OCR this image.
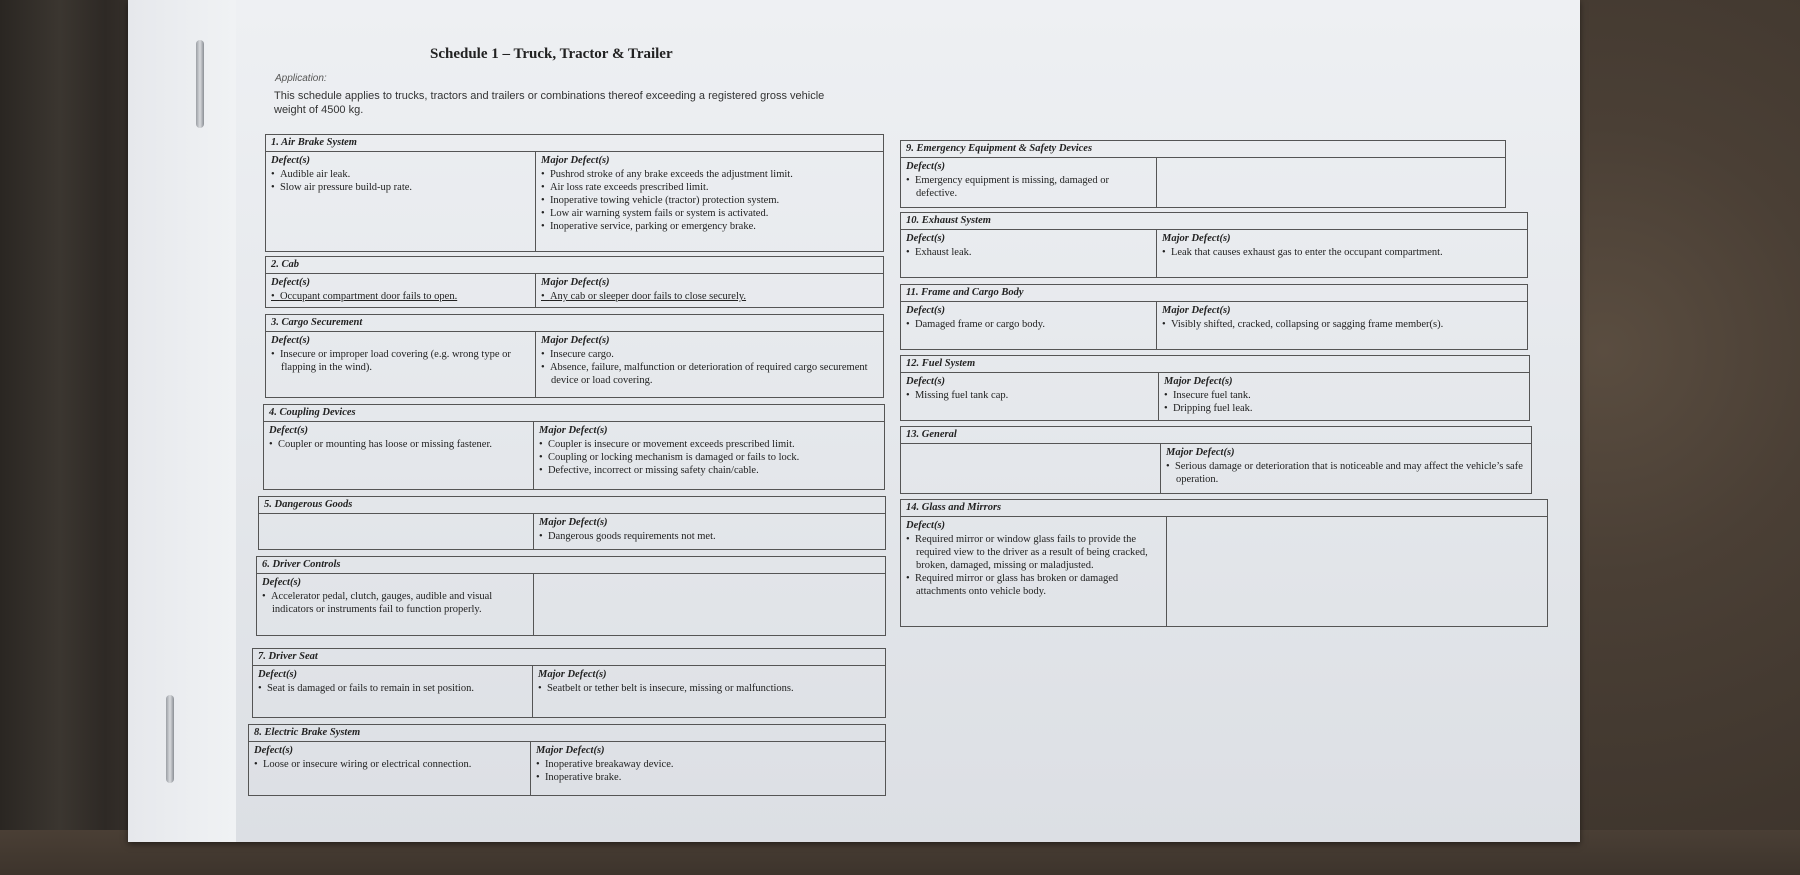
Schedule 1 – Truck, Tractor & Trailer
Application:
This schedule applies to trucks, tractors and trailers or combinations thereof exceeding a registered gross vehicle weight of 4500 kg.
1. Air Brake System
Defect(s)
•  Audible air leak.
•  Slow air pressure build-up rate.
Major Defect(s)
•  Pushrod stroke of any brake exceeds the adjustment limit.
•  Air loss rate exceeds prescribed limit.
•  Inoperative towing vehicle (tractor) protection system.
•  Low air warning system fails or system is activated.
•  Inoperative service, parking or emergency brake.
2. Cab
Defect(s)
•  Occupant compartment door fails to open.
Major Defect(s)
•  Any cab or sleeper door fails to close securely.
3. Cargo Securement
Defect(s)
•  Insecure or improper load covering (e.g. wrong type or flapping in the wind).
Major Defect(s)
•  Insecure cargo.
•  Absence, failure, malfunction or deterioration of required cargo securement device or load covering.
4. Coupling Devices
Defect(s)
•  Coupler or mounting has loose or missing fastener.
Major Defect(s)
•  Coupler is insecure or movement exceeds prescribed limit.
•  Coupling or locking mechanism is damaged or fails to lock.
•  Defective, incorrect or missing safety chain/cable.
5. Dangerous Goods
Major Defect(s)
•  Dangerous goods requirements not met.
6. Driver Controls
Defect(s)
•  Accelerator pedal, clutch, gauges, audible and visual indicators or instruments fail to function properly.
7. Driver Seat
Defect(s)
•  Seat is damaged or fails to remain in set position.
Major Defect(s)
•  Seatbelt or tether belt is insecure, missing or malfunctions.
8. Electric Brake System
Defect(s)
•  Loose or insecure wiring or electrical connection.
Major Defect(s)
•  Inoperative breakaway device.
•  Inoperative brake.
9. Emergency Equipment & Safety Devices
Defect(s)
•  Emergency equipment is missing, damaged or defective.
10. Exhaust System
Defect(s)
•  Exhaust leak.
Major Defect(s)
•  Leak that causes exhaust gas to enter the occupant compartment.
11. Frame and Cargo Body
Defect(s)
•  Damaged frame or cargo body.
Major Defect(s)
•  Visibly shifted, cracked, collapsing or sagging frame member(s).
12. Fuel System
Defect(s)
•  Missing fuel tank cap.
Major Defect(s)
•  Insecure fuel tank.
•  Dripping fuel leak.
13. General
Major Defect(s)
•  Serious damage or deterioration that is noticeable and may affect the vehicle’s safe operation.
14. Glass and Mirrors
Defect(s)
•  Required mirror or window glass fails to provide the required view to the driver as a result of being cracked, broken, damaged, missing or maladjusted.
•  Required mirror or glass has broken or damaged attachments onto vehicle body.
